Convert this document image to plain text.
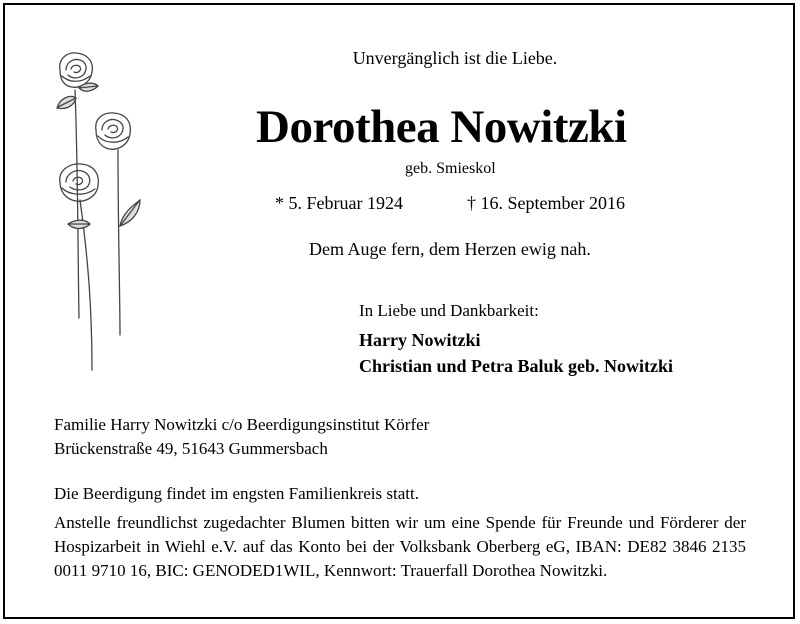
Unvergänglich ist die Liebe.
Dorothea Nowitzki
geb. Smieskol
* 5. Februar 1924	† 16. September 2016
Dem Auge fern, dem Herzen ewig nah.
In Liebe und Dankbarkeit:
Harry Nowitzki
Christian und Petra Baluk geb. Nowitzki
Familie Harry Nowitzki c/o Beerdigungsinstitut Körfer
Brückenstraße 49, 51643 Gummersbach
Die Beerdigung findet im engsten Familienkreis statt.
Anstelle freundlichst zugedachter Blumen bitten wir um eine Spende für Freunde und Förderer der Hospizarbeit in Wiehl e.V. auf das Konto bei der Volksbank Oberberg eG, IBAN: DE82 3846 2135 0011 9710 16, BIC: GENODED1WIL, Kennwort: Trauerfall Dorothea Nowitzki.
